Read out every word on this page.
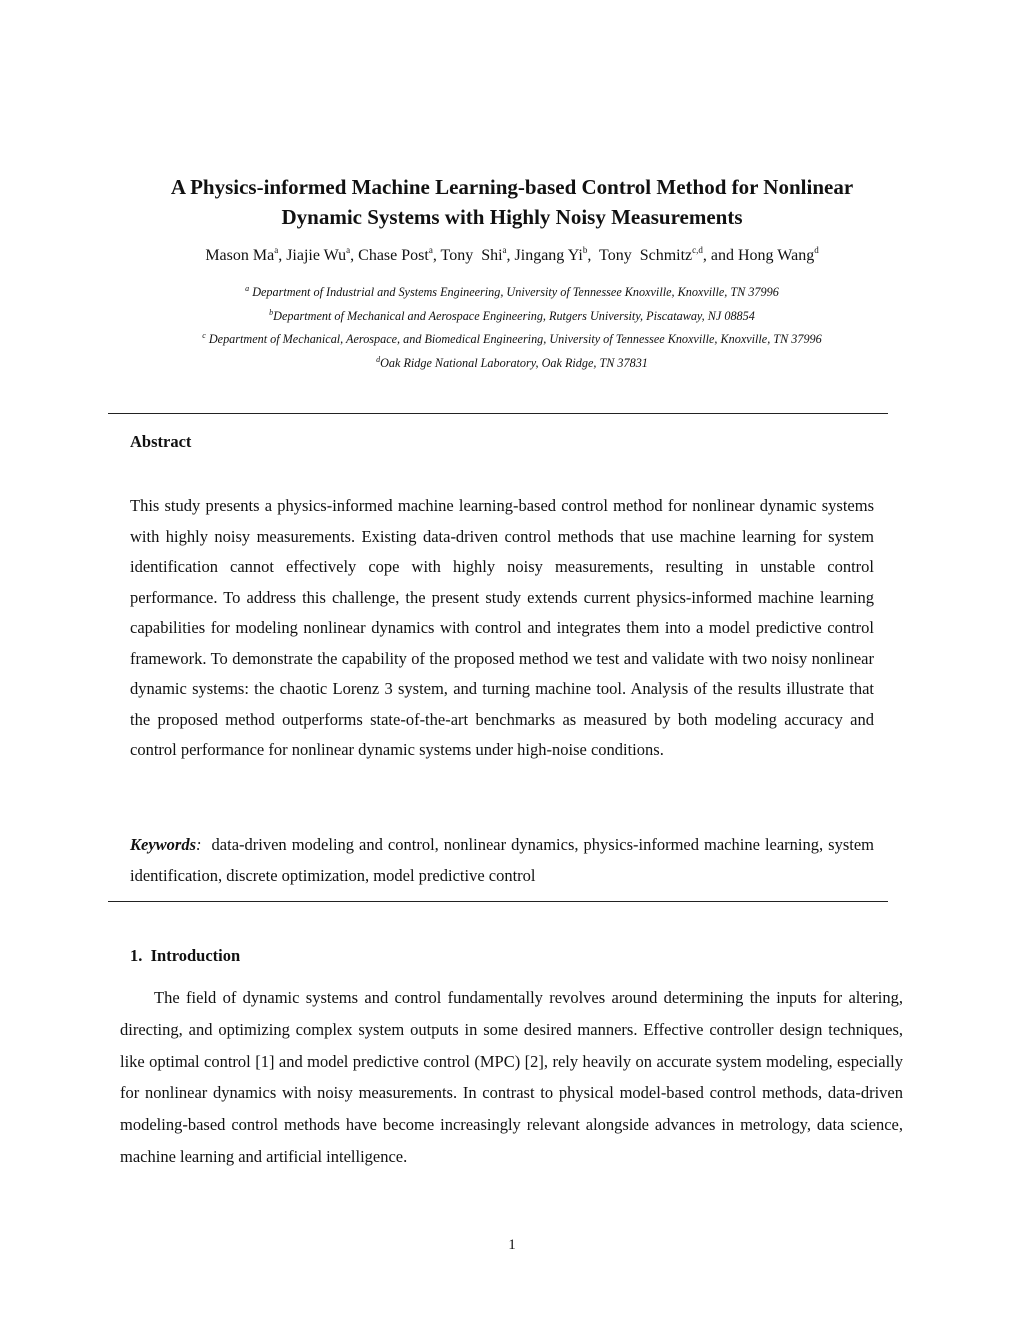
A Physics-informed Machine Learning-based Control Method for Nonlinear
Dynamic Systems with Highly Noisy Measurements
Mason Ma$^a$, Jiajie Wu$^a$, Chase Post$^a$, Tony  Shi$^a$, Jingang Yi$^b$,  Tony  Schmitz$^{c,d}$, and Hong Wang$^d$
$^a$ Department of Industrial and Systems Engineering, University of Tennessee Knoxville, Knoxville, TN 37996
$^b$Department of Mechanical and Aerospace Engineering, Rutgers University, Piscataway, NJ 08854
$^c$ Department of Mechanical, Aerospace, and Biomedical Engineering, University of Tennessee Knoxville, Knoxville, TN 37996
$^d$Oak Ridge National Laboratory, Oak Ridge, TN 37831
Abstract

This study presents a physics-informed machine learning-based control method for nonlinear dynamic systems with highly noisy measurements. Existing data-driven control methods that use machine learning for system identification cannot effectively cope with highly noisy measurements, resulting in unstable control performance. To address this challenge, the present study extends current physics-informed machine learning capabilities for modeling nonlinear dynamics with control and integrates them into a model predictive control framework. To demonstrate the capability of the proposed method we test and validate with two noisy nonlinear dynamic systems: the chaotic Lorenz 3 system, and turning machine tool. Analysis of the results illustrate that the proposed method outperforms state-of-the-art benchmarks as measured by both modeling accuracy and control performance for nonlinear dynamic systems under high-noise conditions.

Keywords:  data-driven modeling and control, nonlinear dynamics, physics-informed machine learning, system identification, discrete optimization, model predictive control

1.  Introduction

The field of dynamic systems and control fundamentally revolves around determining the inputs for altering, directing, and optimizing complex system outputs in some desired manners. Effective controller design techniques, like optimal control [1] and model predictive control (MPC) [2], rely heavily on accurate system modeling, especially for nonlinear dynamics with noisy measurements. In contrast to physical model-based control methods, data-driven modeling-based control methods have become increasingly relevant alongside advances in metrology, data science, machine learning and artificial intelligence.

1
